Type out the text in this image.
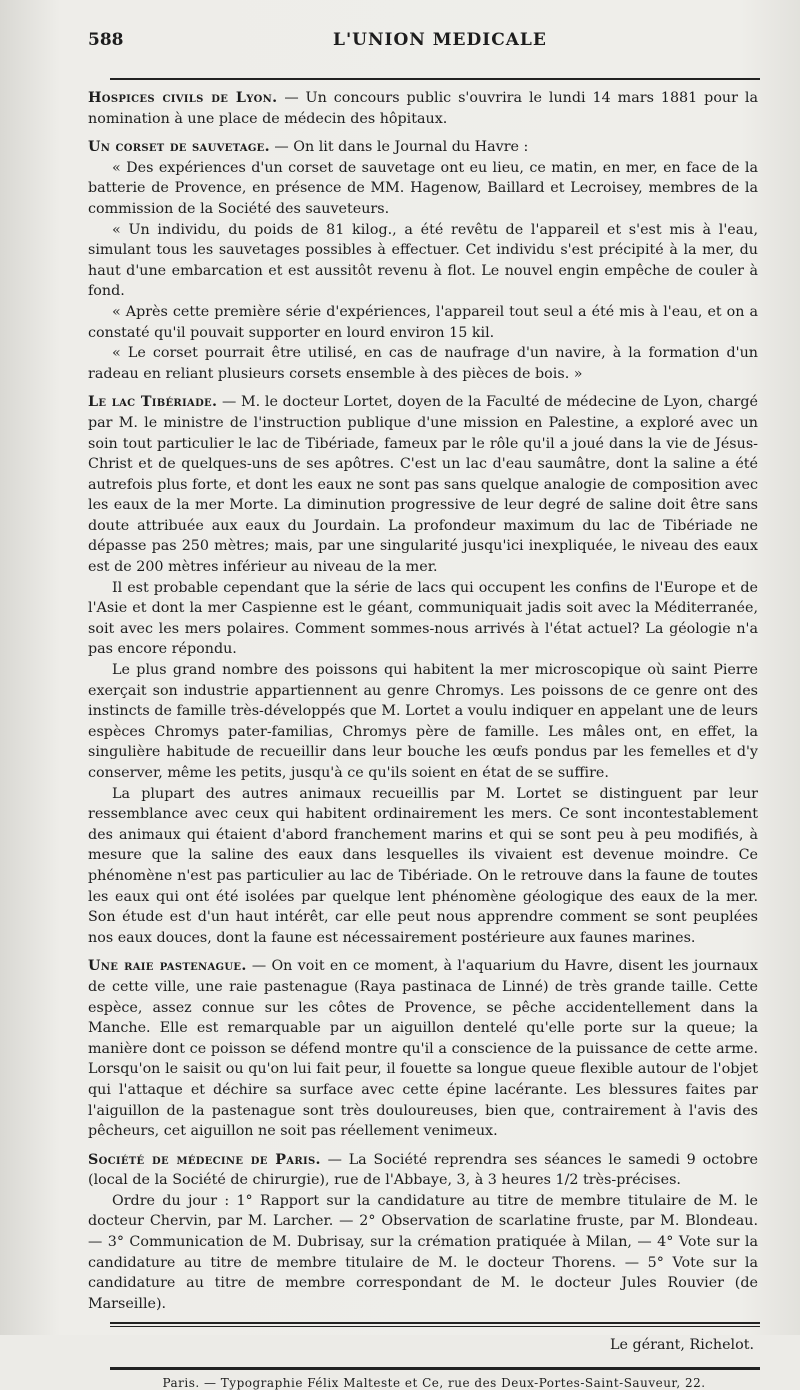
588	L'UNION MEDICALE

Hospices civils de Lyon. — Un concours public s'ouvrira le lundi 14 mars 1881 pour la nomination à une place de médecin des hôpitaux.

Un corset de sauvetage. — On lit dans le Journal du Havre :

« Des expériences d'un corset de sauvetage ont eu lieu, ce matin, en mer, en face de la batterie de Provence, en présence de MM. Hagenow, Baillard et Lecroisey, membres de la commission de la Société des sauveteurs.

« Un individu, du poids de 81 kilog., a été revêtu de l'appareil et s'est mis à l'eau, simulant tous les sauvetages possibles à effectuer. Cet individu s'est précipité à la mer, du haut d'une embarcation et est aussitôt revenu à flot. Le nouvel engin empêche de couler à fond.

« Après cette première série d'expériences, l'appareil tout seul a été mis à l'eau, et on a constaté qu'il pouvait supporter en lourd environ 15 kil.

« Le corset pourrait être utilisé, en cas de naufrage d'un navire, à la formation d'un radeau en reliant plusieurs corsets ensemble à des pièces de bois. »

Le lac Tibériade. — M. le docteur Lortet, doyen de la Faculté de médecine de Lyon, chargé par M. le ministre de l'instruction publique d'une mission en Palestine, a exploré avec un soin tout particulier le lac de Tibériade, fameux par le rôle qu'il a joué dans la vie de Jésus-Christ et de quelques-uns de ses apôtres. C'est un lac d'eau saumâtre, dont la saline a été autrefois plus forte, et dont les eaux ne sont pas sans quelque analogie de composition avec les eaux de la mer Morte. La diminution progressive de leur degré de saline doit être sans doute attribuée aux eaux du Jourdain. La profondeur maximum du lac de Tibériade ne dépasse pas 250 mètres; mais, par une singularité jusqu'ici inexpliquée, le niveau des eaux est de 200 mètres inférieur au niveau de la mer.

Il est probable cependant que la série de lacs qui occupent les confins de l'Europe et de l'Asie et dont la mer Caspienne est le géant, communiquait jadis soit avec la Méditerranée, soit avec les mers polaires. Comment sommes-nous arrivés à l'état actuel? La géologie n'a pas encore répondu.

Le plus grand nombre des poissons qui habitent la mer microscopique où saint Pierre exerçait son industrie appartiennent au genre Chromys. Les poissons de ce genre ont des instincts de famille très-développés que M. Lortet a voulu indiquer en appelant une de leurs espèces Chromys pater-familias, Chromys père de famille. Les mâles ont, en effet, la singulière habitude de recueillir dans leur bouche les œufs pondus par les femelles et d'y conserver, même les petits, jusqu'à ce qu'ils soient en état de se suffire.

La plupart des autres animaux recueillis par M. Lortet se distinguent par leur ressemblance avec ceux qui habitent ordinairement les mers. Ce sont incontestablement des animaux qui étaient d'abord franchement marins et qui se sont peu à peu modifiés, à mesure que la saline des eaux dans lesquelles ils vivaient est devenue moindre. Ce phénomène n'est pas particulier au lac de Tibériade. On le retrouve dans la faune de toutes les eaux qui ont été isolées par quelque lent phénomène géologique des eaux de la mer. Son étude est d'un haut intérêt, car elle peut nous apprendre comment se sont peuplées nos eaux douces, dont la faune est nécessairement postérieure aux faunes marines.

Une raie pastenague. — On voit en ce moment, à l'aquarium du Havre, disent les journaux de cette ville, une raie pastenague (Raya pastinaca de Linné) de très grande taille. Cette espèce, assez connue sur les côtes de Provence, se pêche accidentellement dans la Manche. Elle est remarquable par un aiguillon dentelé qu'elle porte sur la queue; la manière dont ce poisson se défend montre qu'il a conscience de la puissance de cette arme. Lorsqu'on le saisit ou qu'on lui fait peur, il fouette sa longue queue flexible autour de l'objet qui l'attaque et déchire sa surface avec cette épine lacérante. Les blessures faites par l'aiguillon de la pastenague sont très douloureuses, bien que, contrairement à l'avis des pêcheurs, cet aiguillon ne soit pas réellement venimeux.

Société de médecine de Paris. — La Société reprendra ses séances le samedi 9 octobre (local de la Société de chirurgie), rue de l'Abbaye, 3, à 3 heures 1/2 très-précises.

Ordre du jour : 1° Rapport sur la candidature au titre de membre titulaire de M. le docteur Chervin, par M. Larcher. — 2° Observation de scarlatine fruste, par M. Blondeau. — 3° Communication de M. Dubrisay, sur la crémation pratiquée à Milan, — 4° Vote sur la candidature au titre de membre titulaire de M. le docteur Thorens. — 5° Vote sur la candidature au titre de membre correspondant de M. le docteur Jules Rouvier (de Marseille).

Le gérant, Richelot.
Paris. — Typographie Félix Malteste et Ce, rue des Deux-Portes-Saint-Sauveur, 22.
